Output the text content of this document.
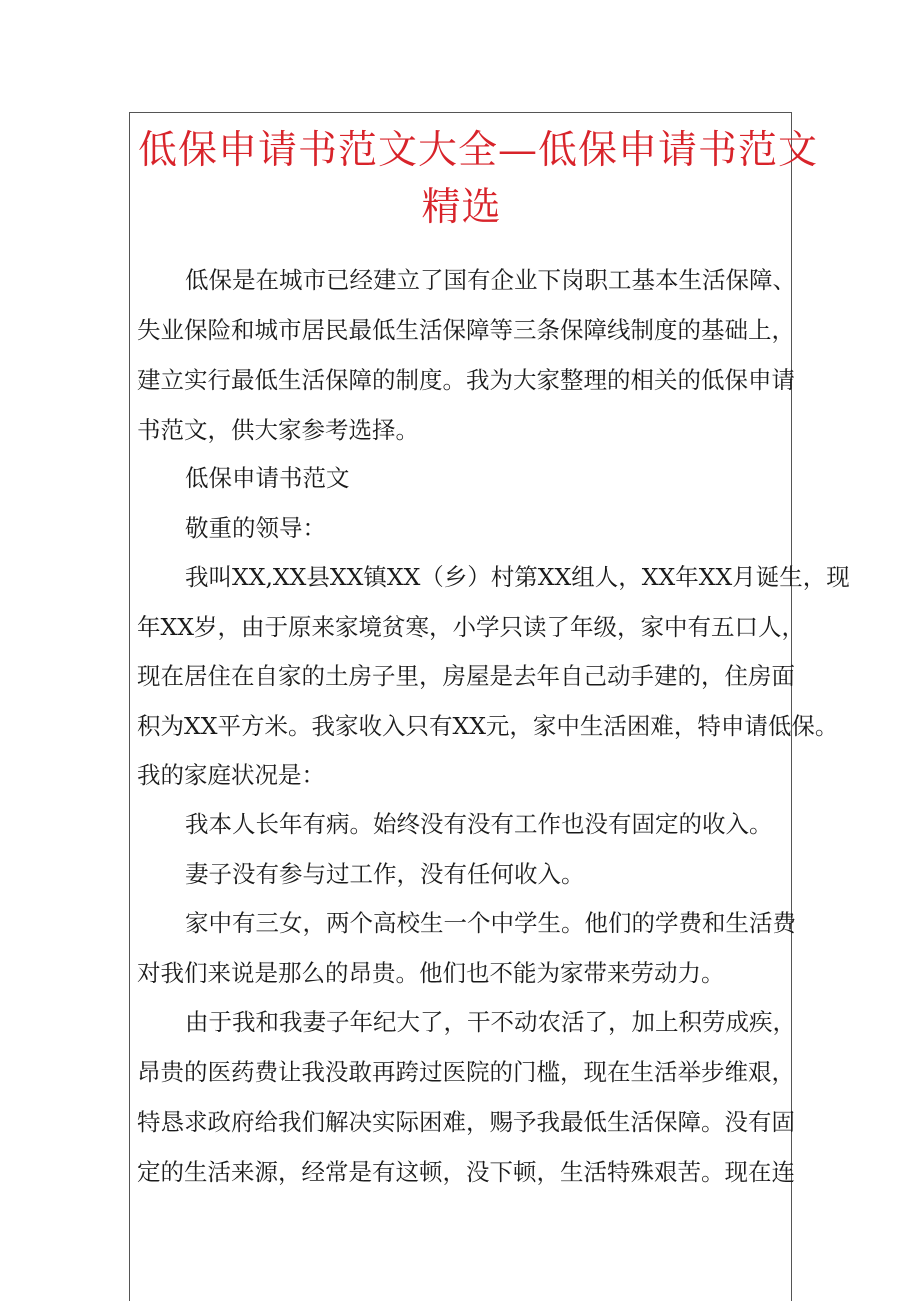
低保申请书范文大全—低保申请书范文
精选
低保是在城市已经建立了国有企业下岗职工基本生活保障、
失业保险和城市居民最低生活保障等三条保障线制度的基础上，
建立实行最低生活保障的制度。我为大家整理的相关的低保申请
书范文，供大家参考选择。
低保申请书范文
敬重的领导：
我叫XX,XX县XX镇XX（乡）村第XX组人，XX年XX月诞生，现
年XX岁，由于原来家境贫寒，小学只读了年级，家中有五口人，
现在居住在自家的土房子里，房屋是去年自己动手建的，住房面
积为XX平方米。我家收入只有XX元，家中生活困难，特申请低保。
我的家庭状况是：
我本人长年有病。始终没有没有工作也没有固定的收入。
妻子没有参与过工作，没有任何收入。
家中有三女，两个高校生一个中学生。他们的学费和生活费
对我们来说是那么的昂贵。他们也不能为家带来劳动力。
由于我和我妻子年纪大了，干不动农活了，加上积劳成疾，
昂贵的医药费让我没敢再跨过医院的门槛，现在生活举步维艰，
特恳求政府给我们解决实际困难，赐予我最低生活保障。没有固
定的生活来源，经常是有这顿，没下顿，生活特殊艰苦。现在连
